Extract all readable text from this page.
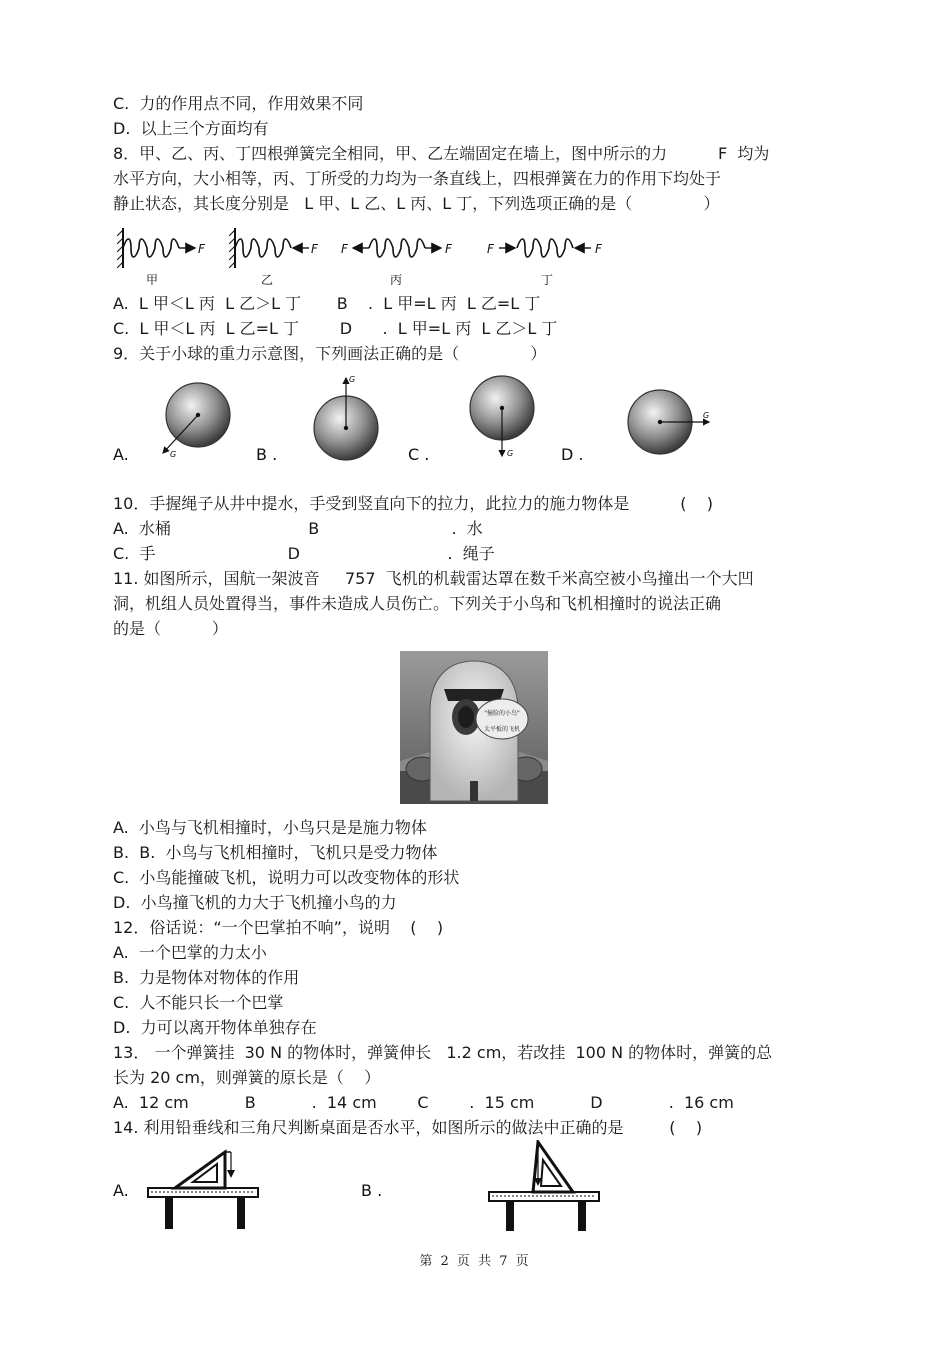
C.  力的作用点不同，作用效果不同
D.  以上三个方面均有
8．甲、乙、丙、丁四根弹簧完全相同，甲、乙左端固定在墙上，图中所示的力          F  均为
水平方向，大小相等，丙、丁所受的力均为一条直线上，四根弹簧在力的作用下均处于
静止状态，其长度分别是   L 甲、L 乙、L 丙、L 丁，下列选项正确的是（              ）
F
甲
F
乙
F	F
丙
F	F
丁
A.  L 甲＜L 丙  L 乙＞L 丁       B    .  L 甲=L 丙  L 乙=L 丁
C.  L 甲＜L 丙  L 乙=L 丁        D      .  L 甲=L 丙  L 乙＞L 丁
9．关于小球的重力示意图，下列画法正确的是（              ）
G
A.
G
B .	G
C .
G
D .
10．手握绳子从井中提水，手受到竖直向下的拉力，此拉力的施力物体是          (    )
A.  水桶                           B                          .  水
C.  手                          D                             .  绳子
11. 如图所示，国航一架波音     757  飞机的机载雷达罩在数千米高空被小鸟撞出一个大凹
洞，机组人员处置得当，事件未造成人员伤亡。下列关于小鸟和飞机相撞时的说法正确
的是（          ）
"撞脸的小鸟"
太平板的飞机
A.  小鸟与飞机相撞时，小鸟只是是施力物体
B.  B.  小鸟与飞机相撞时，飞机只是受力物体
C.  小鸟能撞破飞机，说明力可以改变物体的形状
D.  小鸟撞飞机的力大于飞机撞小鸟的力
12．俗话说：“一个巴掌拍不响”，说明    (    )
A.  一个巴掌的力太小
B.  力是物体对物体的作用
C.  人不能只长一个巴掌
D.  力可以离开物体单独存在
13． 一个弹簧挂  30 N 的物体时，弹簧伸长   1.2 cm，若改挂  100 N 的物体时，弹簧的总
长为 20 cm，则弹簧的原长是（    ）
A.  12 cm           B           .  14 cm        C        .  15 cm           D             .  16 cm
14. 利用铅垂线和三角尺判断桌面是否水平，如图所示的做法中正确的是         (    )
A.	B .
第 2 页 共 7 页
